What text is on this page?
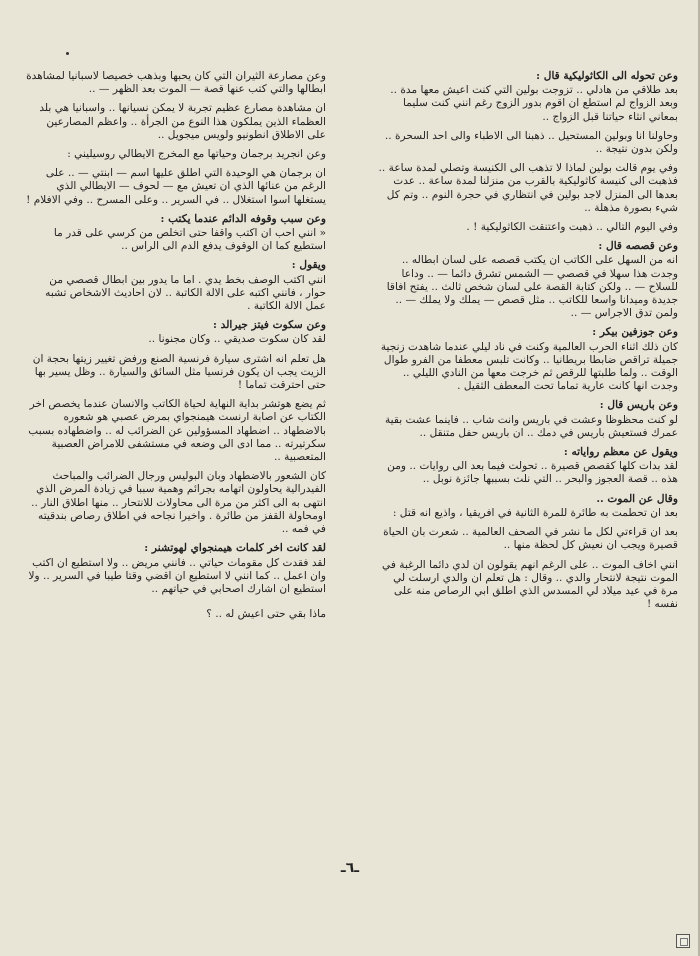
وعن تحوله الى الكاثوليكية قال :

بعد طلاقي من هادلي .. تزوجت بولين التي كنت اعيش معها مدة .. وبعد الزواج لم استطع ان اقوم بدور الزوج رغم انني كنت سليما بمعاني انثاء حياتنا قبل الزواج ..

وحاولنا انا وبولين المستحيل .. ذهبنا الى الاطباء والى احد السحرة .. ولكن بدون نتيجة ..

وفي يوم قالت بولين لماذا لا تذهب الى الكنيسة وتصلي لمدة ساعة .. فذهبت الى كنيسة كاثوليكية بالقرب من منزلنا لمدة ساعة .. عدت بعدها الى المنزل لاجد بولين في انتظاري في حجرة النوم .. وتم كل شيء بصورة مذهلة ..

وفي اليوم التالي .. ذهبت واعتنقت الكاثوليكية ! .

وعن قصصه قال :

انه من السهل على الكاتب ان يكتب قصصه على لسان ابطاله .. وجدت هذا سهلا في قصصي — الشمس تشرق دائما — .. وداعا للسلاح — .. ولكن كتابة القصة على لسان شخص ثالث .. يفتح افاقا جديدة وميدانا واسعا للكاتب .. مثل قصص — يملك ولا يملك — .. ولمن تدق الاجراس — ..

وعن جوزفين بيكر :

كان ذلك اثناء الحرب العالمية وكنت في ناد ليلي عندما شاهدت زنجية جميلة تراقص ضابطا بريطانيا .. وكانت تلبس معطفا من الفرو طوال الوقت .. ولما طلبتها للرقص ثم خرجت معها من النادي الليلي .. وجدت انها كانت عارية تماما تحت المعطف الثقيل .

وعن باريس قال :

لو كنت محظوظا وعشت في باريس وانت شاب .. فاينما عشت بقية عمرك فستعيش باريس في دمك .. ان باريس حفل متنقل ..

ويقول عن معظم رواياته :

لقد بدات كلها كقصص قصيرة .. تحولت فيما بعد الى روايات .. ومن هذه .. قصة العجوز والبحر .. التي نلت بسببها جائزة نوبل ..

وقال عن الموت ..

بعد ان تحطمت به طائرة للمرة الثانية في افريقيا ، واذيع انه قتل :

بعد ان قراءتي لكل ما نشر في الصحف العالمية .. شعرت بان الحياة قصيرة ويجب ان نعيش كل لحظة منها ..

انني اخاف الموت .. على الرغم انهم يقولون ان لدي دائما الرغبة في الموت نتيجة لانتحار والدي .. وقال : هل تعلم ان والدي ارسلت لي مرة في عيد ميلاد لي المسدس الذي اطلق ابي الرصاص منه على نفسه !

وعن مصارعة الثيران التي كان يحبها وبذهب خصيصا لاسبانيا لمشاهدة ابطالها والتي كتب عنها قصة — الموت بعد الظهر — ..

ان مشاهدة مصارع عظيم تجربة لا يمكن نسيانها .. واسبانيا هي بلد العظماء الذين يملكون هذا النوع من الجرأة .. واعظم المصارعين على الاطلاق انطونيو ولويس ميجويل ..

وعن انجريد برجمان وحياتها مع المخرج الايطالي روسيليني :

ان برجمان هي الوحيدة التي اطلق عليها اسم — ابنتي — .. على الرغم من عنائها الذي ان تعيش مع — لحوف — الايطالي الذي يستغلها اسوا استغلال .. في السرير .. وعلى المسرح .. وفي الافلام !

وعن سبب وقوفه الدائم عندما يكتب :

« انني احب ان اكتب واقفا حتى اتخلص من كرسي على قدر ما استطيع كما ان الوقوف يدفع الدم الى الراس ..

ويقول :

انني اكتب الوصف بخط يدي . اما ما يدور بين ابطال قصصي من حوار ، فانني اكتبه على الالة الكاتبة .. لان احاديث الاشخاص تشبه عمل الالة الكاتبة .

وعن سكوت فيتز جيرالد :

لقد كان سكوت صديقي .. وكان مجنونا ..

هل تعلم انه اشترى سيارة فرنسية الصنع ورفض تغيير زيتها بحجة ان الزيت يجب ان يكون فرنسيا مثل السائق والسيارة .. وظل يسير بها حتى احترقت تماما !

ثم يضع هوتشر بداية النهاية لحياة الكاتب والانسان عندما يخصص اخر الكتاب عن اصابة ارنست هيمنجواي بمرض عصبي هو شعوره بالاضطهاد .. اضطهاد المسؤولين عن الضرائب له .. واضطهاده بسبب سكرتيرته .. مما ادى الى وضعه في مستشفى للامراض العصبية المتعصبية ..

كان الشعور بالاضطهاد وبان البوليس ورجال الضرائب والمباحث الفيدرالية يحاولون اتهامه بجرائم وهمية سببا في زيادة المرض الذي انتهى به الى اكثر من مرة الى محاولات للانتحار .. منها اطلاق النار .. اومحاولة القفز من طائرة . واخيرا نجاحه في اطلاق رصاص بندقيته في فمه ..

لقد كانت اخر كلمات هيمنجواي لهوتشنر :

لقد فقدت كل مقومات حياتي .. فانني مريض .. ولا استطيع ان اكتب وان اعمل .. كما انني لا استطيع ان اقضي وقتا طيبا في السرير .. ولا استطيع ان اشارك اصحابي في حياتهم ..

ماذا بقي حتى اعيش له .. ؟

ـ٦ـ
